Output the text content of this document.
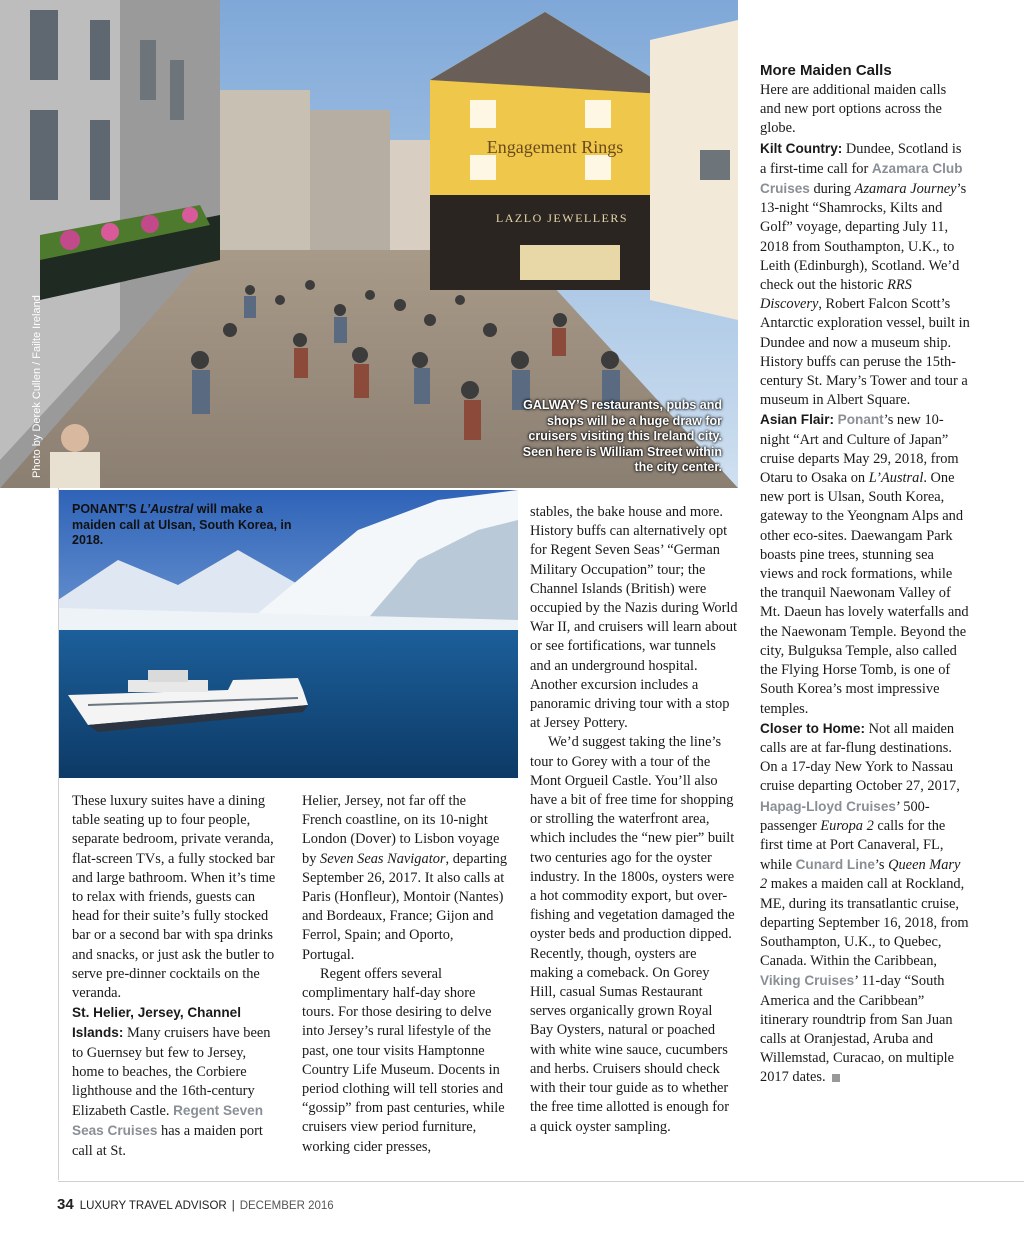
Engagement Rings
LAZLO JEWELLERS
Photo by Derek Cullen / Failte Ireland	GALWAY’S restaurants, pubs and shops will be a huge draw for cruisers visiting this Ireland city. Seen here is William Street within the city center.
PONANT’S L’Austral will make a maiden call at Ulsan, South Korea, in 2018.

These luxury suites have a dining table seating up to four people, separate bedroom, private veranda, flat-screen TVs, a fully stocked bar and large bathroom. When it’s time to relax with friends, guests can head for their suite’s fully stocked bar or a second bar with spa drinks and snacks, or just ask the butler to serve pre-dinner cocktails on the veranda.

St. Helier, Jersey, Channel Islands: Many cruisers have been to Guernsey but few to Jersey, home to beaches, the Corbiere lighthouse and the 16th-century Elizabeth Castle. Regent Seven Seas Cruises has a maiden port call at St.

Helier, Jersey, not far off the French coastline, on its 10-night London (Dover) to Lisbon voyage by Seven Seas Navigator, departing September 26, 2017. It also calls at Paris (Honfleur), Montoir (Nantes) and Bordeaux, France; Gijon and Ferrol, Spain; and Oporto, Portugal.

Regent offers several complimentary half-day shore tours. For those desiring to delve into Jersey’s rural lifestyle of the past, one tour visits Hamptonne Country Life Museum. Docents in period clothing will tell stories and “gossip” from past centuries, while cruisers view period furniture, working cider presses,

stables, the bake house and more. History buffs can alternatively opt for Regent Seven Seas’ “German Military Occupation” tour; the Channel Islands (British) were occupied by the Nazis during World War II, and cruisers will learn about or see fortifications, war tunnels and an underground hospital. Another excursion includes a panoramic driving tour with a stop at Jersey Pottery.

We’d suggest taking the line’s tour to Gorey with a tour of the Mont Orgueil Castle. You’ll also have a bit of free time for shopping or strolling the waterfront area, which includes the “new pier” built two centuries ago for the oyster industry. In the 1800s, oysters were a hot commodity export, but over-fishing and vegetation damaged the oyster beds and production dipped. Recently, though, oysters are making a comeback. On Gorey Hill, casual Sumas Restaurant serves organically grown Royal Bay Oysters, natural or poached with white wine sauce, cucumbers and herbs. Cruisers should check with their tour guide as to whether the free time allotted is enough for a quick oyster sampling.

More Maiden Calls

Here are additional maiden calls and new port options across the globe.

Kilt Country: Dundee, Scotland is a first-time call for Azamara Club Cruises during Azamara Journey’s 13-night “Shamrocks, Kilts and Golf” voyage, departing July 11, 2018 from Southampton, U.K., to Leith (Edinburgh), Scotland. We’d check out the historic RRS Discovery, Robert Falcon Scott’s Antarctic exploration vessel, built in Dundee and now a museum ship. History buffs can peruse the 15th-century St. Mary’s Tower and tour a museum in Albert Square.

Asian Flair: Ponant’s new 10-night “Art and Culture of Japan” cruise departs May 29, 2018, from Otaru to Osaka on L’Austral. One new port is Ulsan, South Korea, gateway to the Yeongnam Alps and other eco-sites. Daewangam Park boasts pine trees, stunning sea views and rock formations, while the tranquil Naewonam Valley of Mt. Daeun has lovely waterfalls and the Naewonam Temple. Beyond the city, Bulguksa Temple, also called the Flying Horse Tomb, is one of South Korea’s most impressive temples.

Closer to Home: Not all maiden calls are at far-flung destinations. On a 17-day New York to Nassau cruise departing October 27, 2017, Hapag-Lloyd Cruises’ 500-passenger Europa 2 calls for the first time at Port Canaveral, FL, while Cunard Line’s Queen Mary 2 makes a maiden call at Rockland, ME, during its transatlantic cruise, departing September 16, 2018, from Southampton, U.K., to Quebec, Canada. Within the Caribbean, Viking Cruises’ 11-day “South America and the Caribbean” itinerary roundtrip from San Juan calls at Oranjestad, Aruba and Willemstad, Curacao, on multiple 2017 dates.

34 LUXURY TRAVEL ADVISOR | DECEMBER 2016
